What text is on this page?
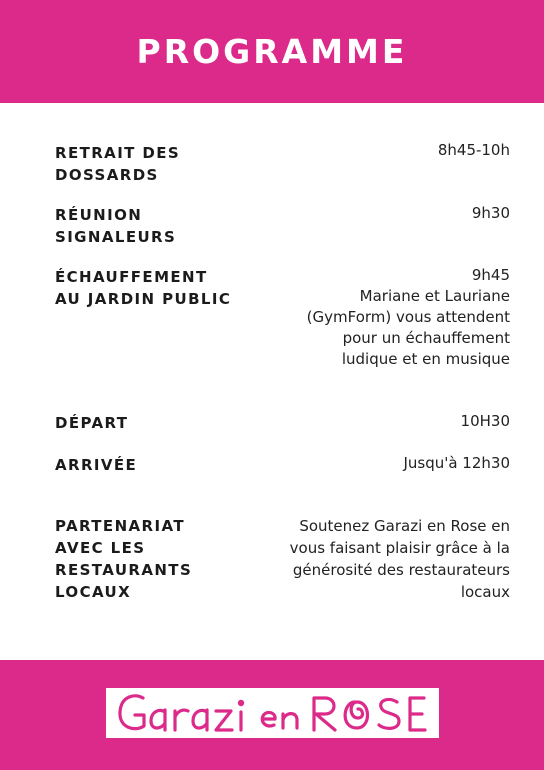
PROGRAMME
RETRAIT DES
DOSSARDS
8h45-10h
RÉUNION
SIGNALEURS
9h30
ÉCHAUFFEMENT
AU JARDIN PUBLIC
9h45
Mariane et Lauriane
(GymForm) vous attendent
pour un échauffement
ludique et en musique
DÉPART	10H30
ARRIVÉE	Jusqu'à 12h30
PARTENARIAT
AVEC LES
RESTAURANTS
LOCAUX
Soutenez Garazi en Rose en
vous faisant plaisir grâce à la
générosité des restaurateurs
locaux
Garazi en Rose
